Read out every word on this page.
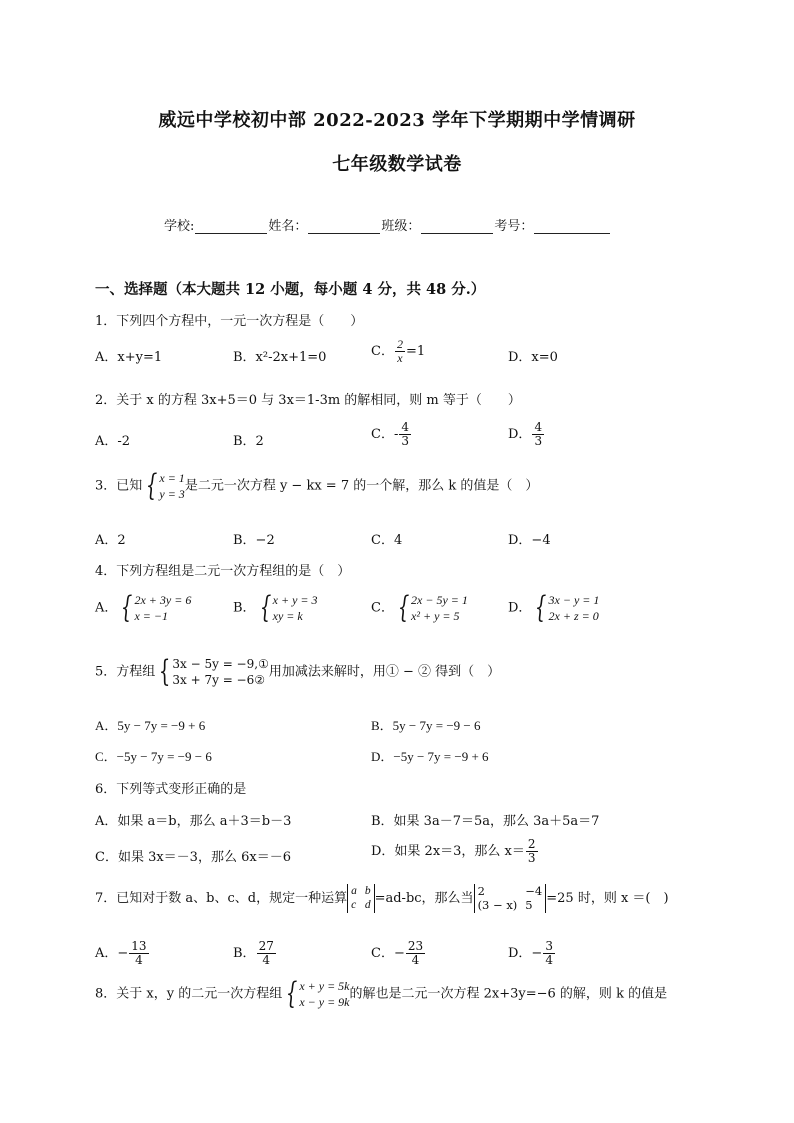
威远中学校初中部 2022-2023 学年下学期期中学情调研
七年级数学试卷
学校:	姓名：	班级：	考号：
一、选择题（本大题共 12 小题，每小题 4 分，共 48 分.）
1．下列四个方程中，一元一次方程是（　　）
A．x+y=1	B．x²-2x+1=0	C． $\frac{2}{x} =1$	D．x=0
2．关于 x 的方程 3x+5＝0 与 3x＝1-3m 的解相同，则 m 等于（　　）
A．-2	B．2	C．- $\frac{4}{3}$	D． $\frac{4}{3}$
3．已知 { x = 1
y = 3
是二元一次方程 y − kx = 7 的一个解，那么 k 的值是（　）
A．2	B．−2	C．4	D．−4
4．下列方程组是二元一次方程组的是（　）
A． { 2x + 3y = 6
x = −1
B． { x + y = 3
xy = k
C． { 2x − 5y = 1
x² + y = 5
D． { 3x − y = 1
2x + z = 0
5．方程组 { 3x − 5y = −9,①
3x + 7y = −6②
用加减法来解时，用① − ② 得到（　）
A．5y − 7y = −9 + 6	B．5y − 7y = −9 − 6
C．−5y − 7y = −9 − 6	D．−5y − 7y = −9 + 6
6．下列等式变形正确的是
A．如果 a＝b，那么 a＋3＝b－3	B．如果 3a－7＝5a，那么 3a＋5a＝7
C．如果 3x＝－3，那么 6x＝－6	D．如果 2x＝3，那么 $x= \frac{2}{3}$
7．已知对于数 a、b、c、d，规定一种运算 a b
c d =ad-bc，那么当 2	−4
(3 − x) 5	=25 时，则 x ＝(　)
A．− $\frac{13}{4}$	B． $\frac{27}{4}$	C．− $\frac{23}{4}$	D．− $\frac{3}{4}$
8．关于 x，y 的二元一次方程组 { x + y = 5k
x − y = 9k
的解也是二元一次方程 2x+3y=−6 的解，则 k 的值是
